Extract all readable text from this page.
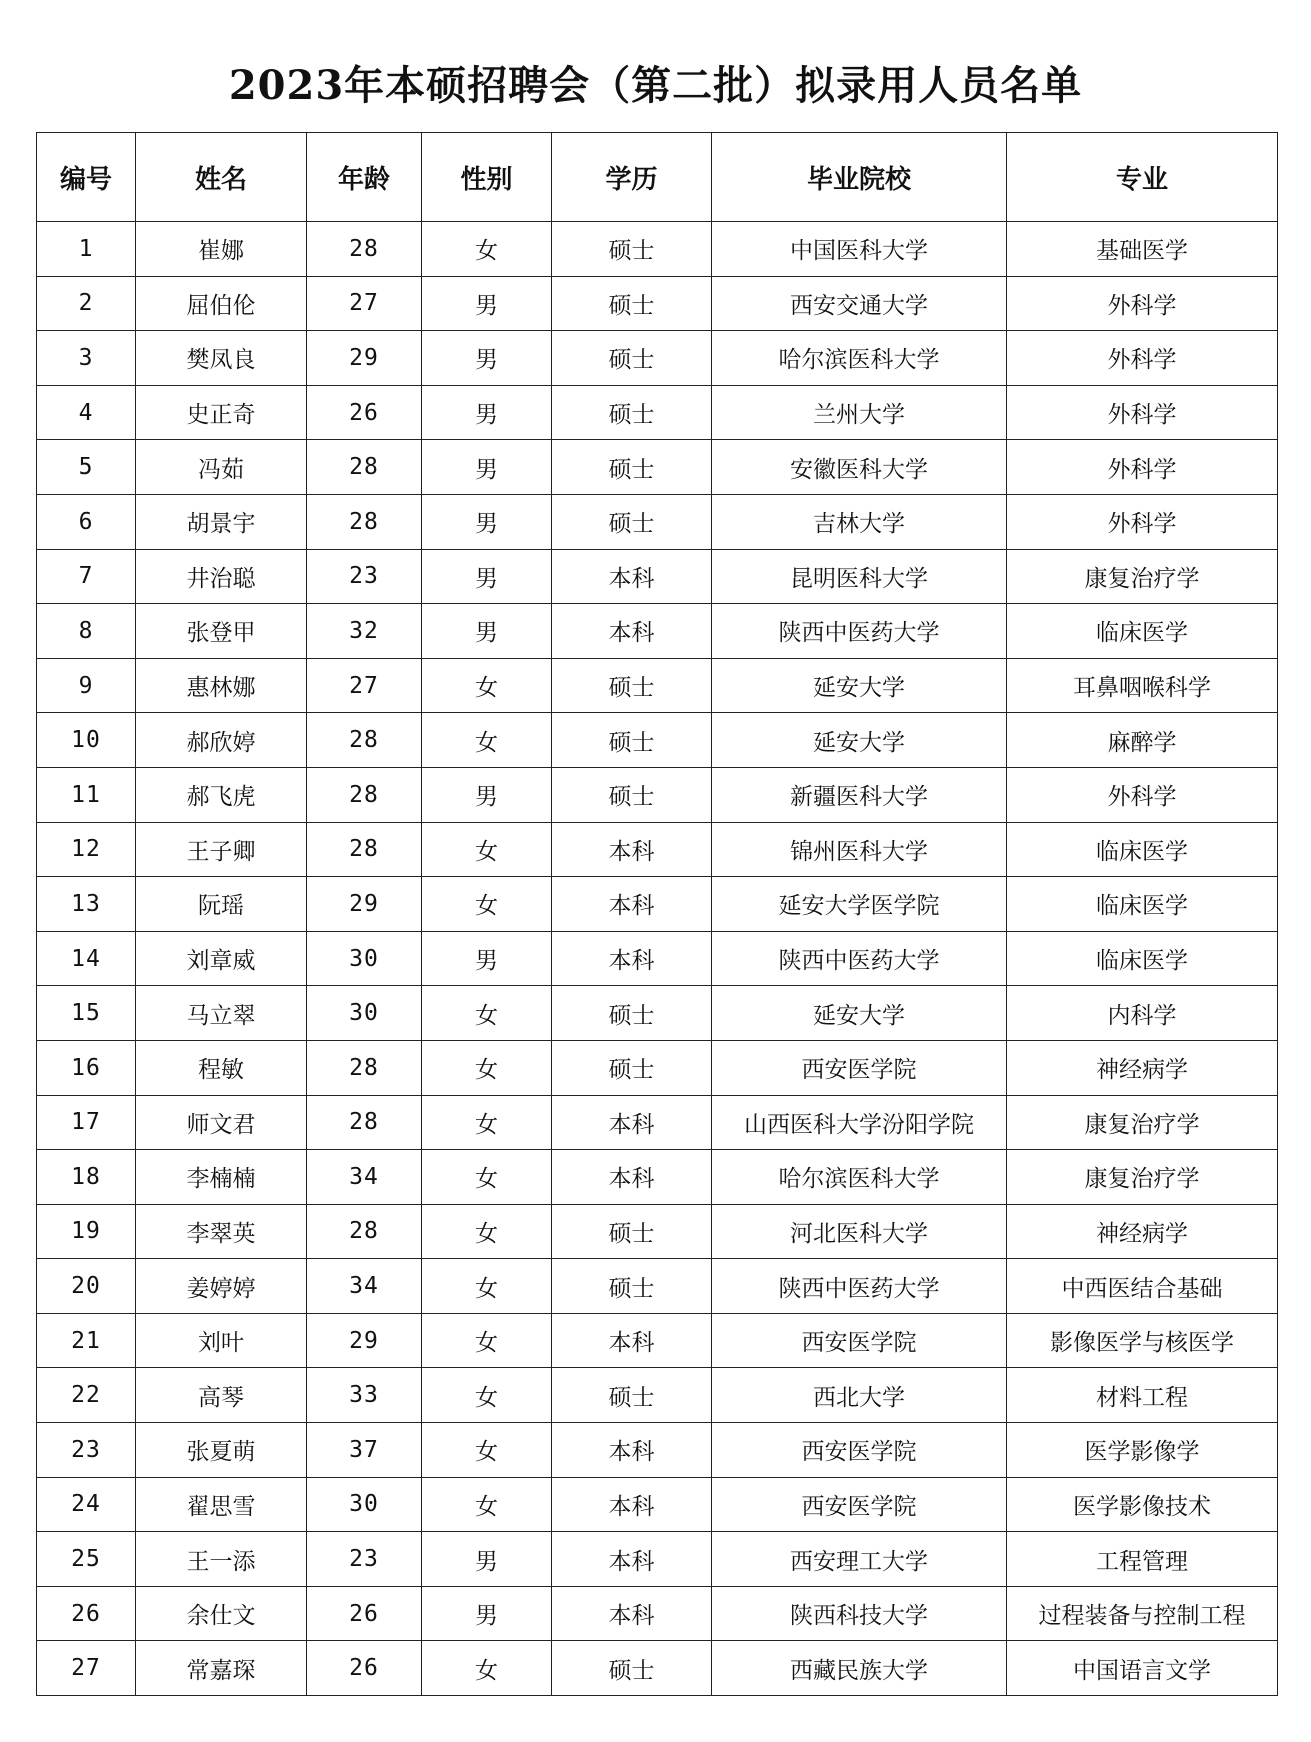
2023年本硕招聘会（第二批）拟录用人员名单
编号	姓名	年龄	性别	学历	毕业院校	专业
1	崔娜	28	女	硕士	中国医科大学	基础医学
2	屈伯伦	27	男	硕士	西安交通大学	外科学
3	樊凤良	29	男	硕士	哈尔滨医科大学	外科学
4	史正奇	26	男	硕士	兰州大学	外科学
5	冯茹	28	男	硕士	安徽医科大学	外科学
6	胡景宇	28	男	硕士	吉林大学	外科学
7	井治聪	23	男	本科	昆明医科大学	康复治疗学
8	张登甲	32	男	本科	陕西中医药大学	临床医学
9	惠林娜	27	女	硕士	延安大学	耳鼻咽喉科学
10	郝欣婷	28	女	硕士	延安大学	麻醉学
11	郝飞虎	28	男	硕士	新疆医科大学	外科学
12	王子卿	28	女	本科	锦州医科大学	临床医学
13	阮瑶	29	女	本科	延安大学医学院	临床医学
14	刘章威	30	男	本科	陕西中医药大学	临床医学
15	马立翠	30	女	硕士	延安大学	内科学
16	程敏	28	女	硕士	西安医学院	神经病学
17	师文君	28	女	本科	山西医科大学汾阳学院	康复治疗学
18	李楠楠	34	女	本科	哈尔滨医科大学	康复治疗学
19	李翠英	28	女	硕士	河北医科大学	神经病学
20	姜婷婷	34	女	硕士	陕西中医药大学	中西医结合基础
21	刘叶	29	女	本科	西安医学院	影像医学与核医学
22	高琴	33	女	硕士	西北大学	材料工程
23	张夏萌	37	女	本科	西安医学院	医学影像学
24	翟思雪	30	女	本科	西安医学院	医学影像技术
25	王一添	23	男	本科	西安理工大学	工程管理
26	余仕文	26	男	本科	陕西科技大学	过程装备与控制工程
27	常嘉琛	26	女	硕士	西藏民族大学	中国语言文学
